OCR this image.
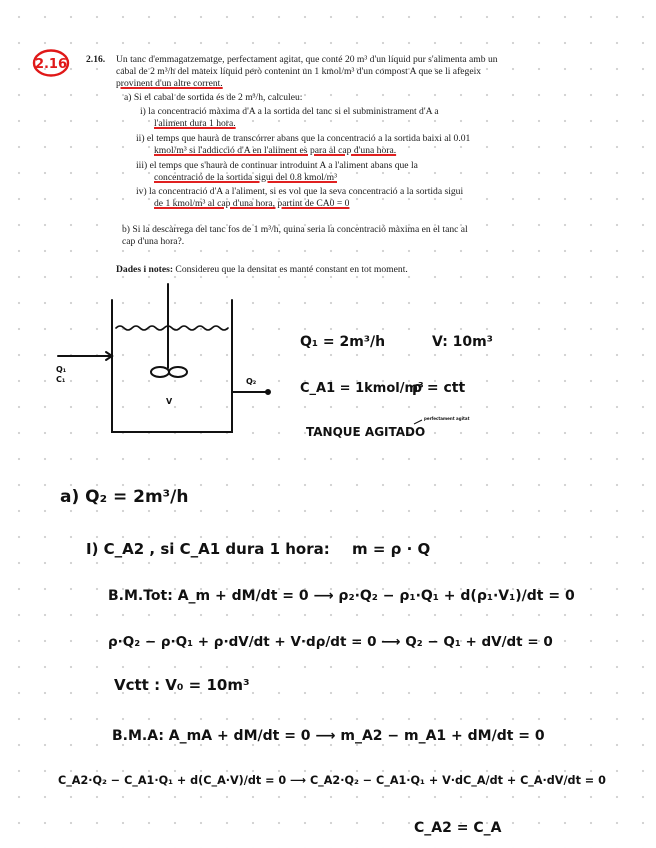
2.16 2.16. Un tanc d'emmagatzematge, perfectament agitat, que conté 20 m³ d'un líquid pur s'alimenta amb un
cabal de 2 m³/h del mateix líquid però contenint un 1 kmol/m³ d'un compost A que se li afegeix
provinent d'un altre corrent.
a) Si el cabal de sortida és de 2 m³/h, calculeu:
i) la concentració màxima d'A a la sortida del tanc si el subministrament d'A a
l'aliment dura 1 hora.
ii) el temps que haurà de transcórrer abans que la concentració a la sortida baixi al 0.01
kmol/m³ si l'addicció d'A en l'aliment es para al cap d'una hora.
iii) el temps que s'haurà de continuar introduint A a l'aliment abans que la
concentració de la sortida sigui del 0.8 kmol/m³
iv) la concentració d'A a l'aliment, si es vol que la seva concentració a la sortida sigui
de 1 kmol/m³ al cap d'una hora, partint de CA0 = 0
b) Si la descàrrega del tanc fos de 1 m³/h, quina seria la concentració màxima en el tanc al
cap d'una hora?.
Dades i notes: Considereu que la densitat es manté constant en tot moment.
Q₁
C₁	Q₂
V
Q₁ = 2m³/h	V: 10m³
C_A1 = 1kmol/m³
ρ = ctt
TANQUE AGITADO
perfectament agitat
a) Q₂ = 2m³/h
I) C_A2 , si C_A1 dura 1 hora: m = ρ · Q
B.M.Tot: A_m + dM/dt = 0 ⟶ ρ₂·Q₂ − ρ₁·Q₁ + d(ρ₁·V₁)/dt = 0
ρ·Q₂ − ρ·Q₁ + ρ·dV/dt + V·dρ/dt = 0 ⟶ Q₂ − Q₁ + dV/dt = 0
Vctt : V₀ = 10m³
B.M.A: A_mA + dM/dt = 0 ⟶ m_A2 − m_A1 + dM/dt = 0
C_A2·Q₂ − C_A1·Q₁ + d(C_A·V)/dt = 0 ⟶ C_A2·Q₂ − C_A1·Q₁ + V·dC_A/dt + C_A·dV/dt = 0
C_A2 = C_A
